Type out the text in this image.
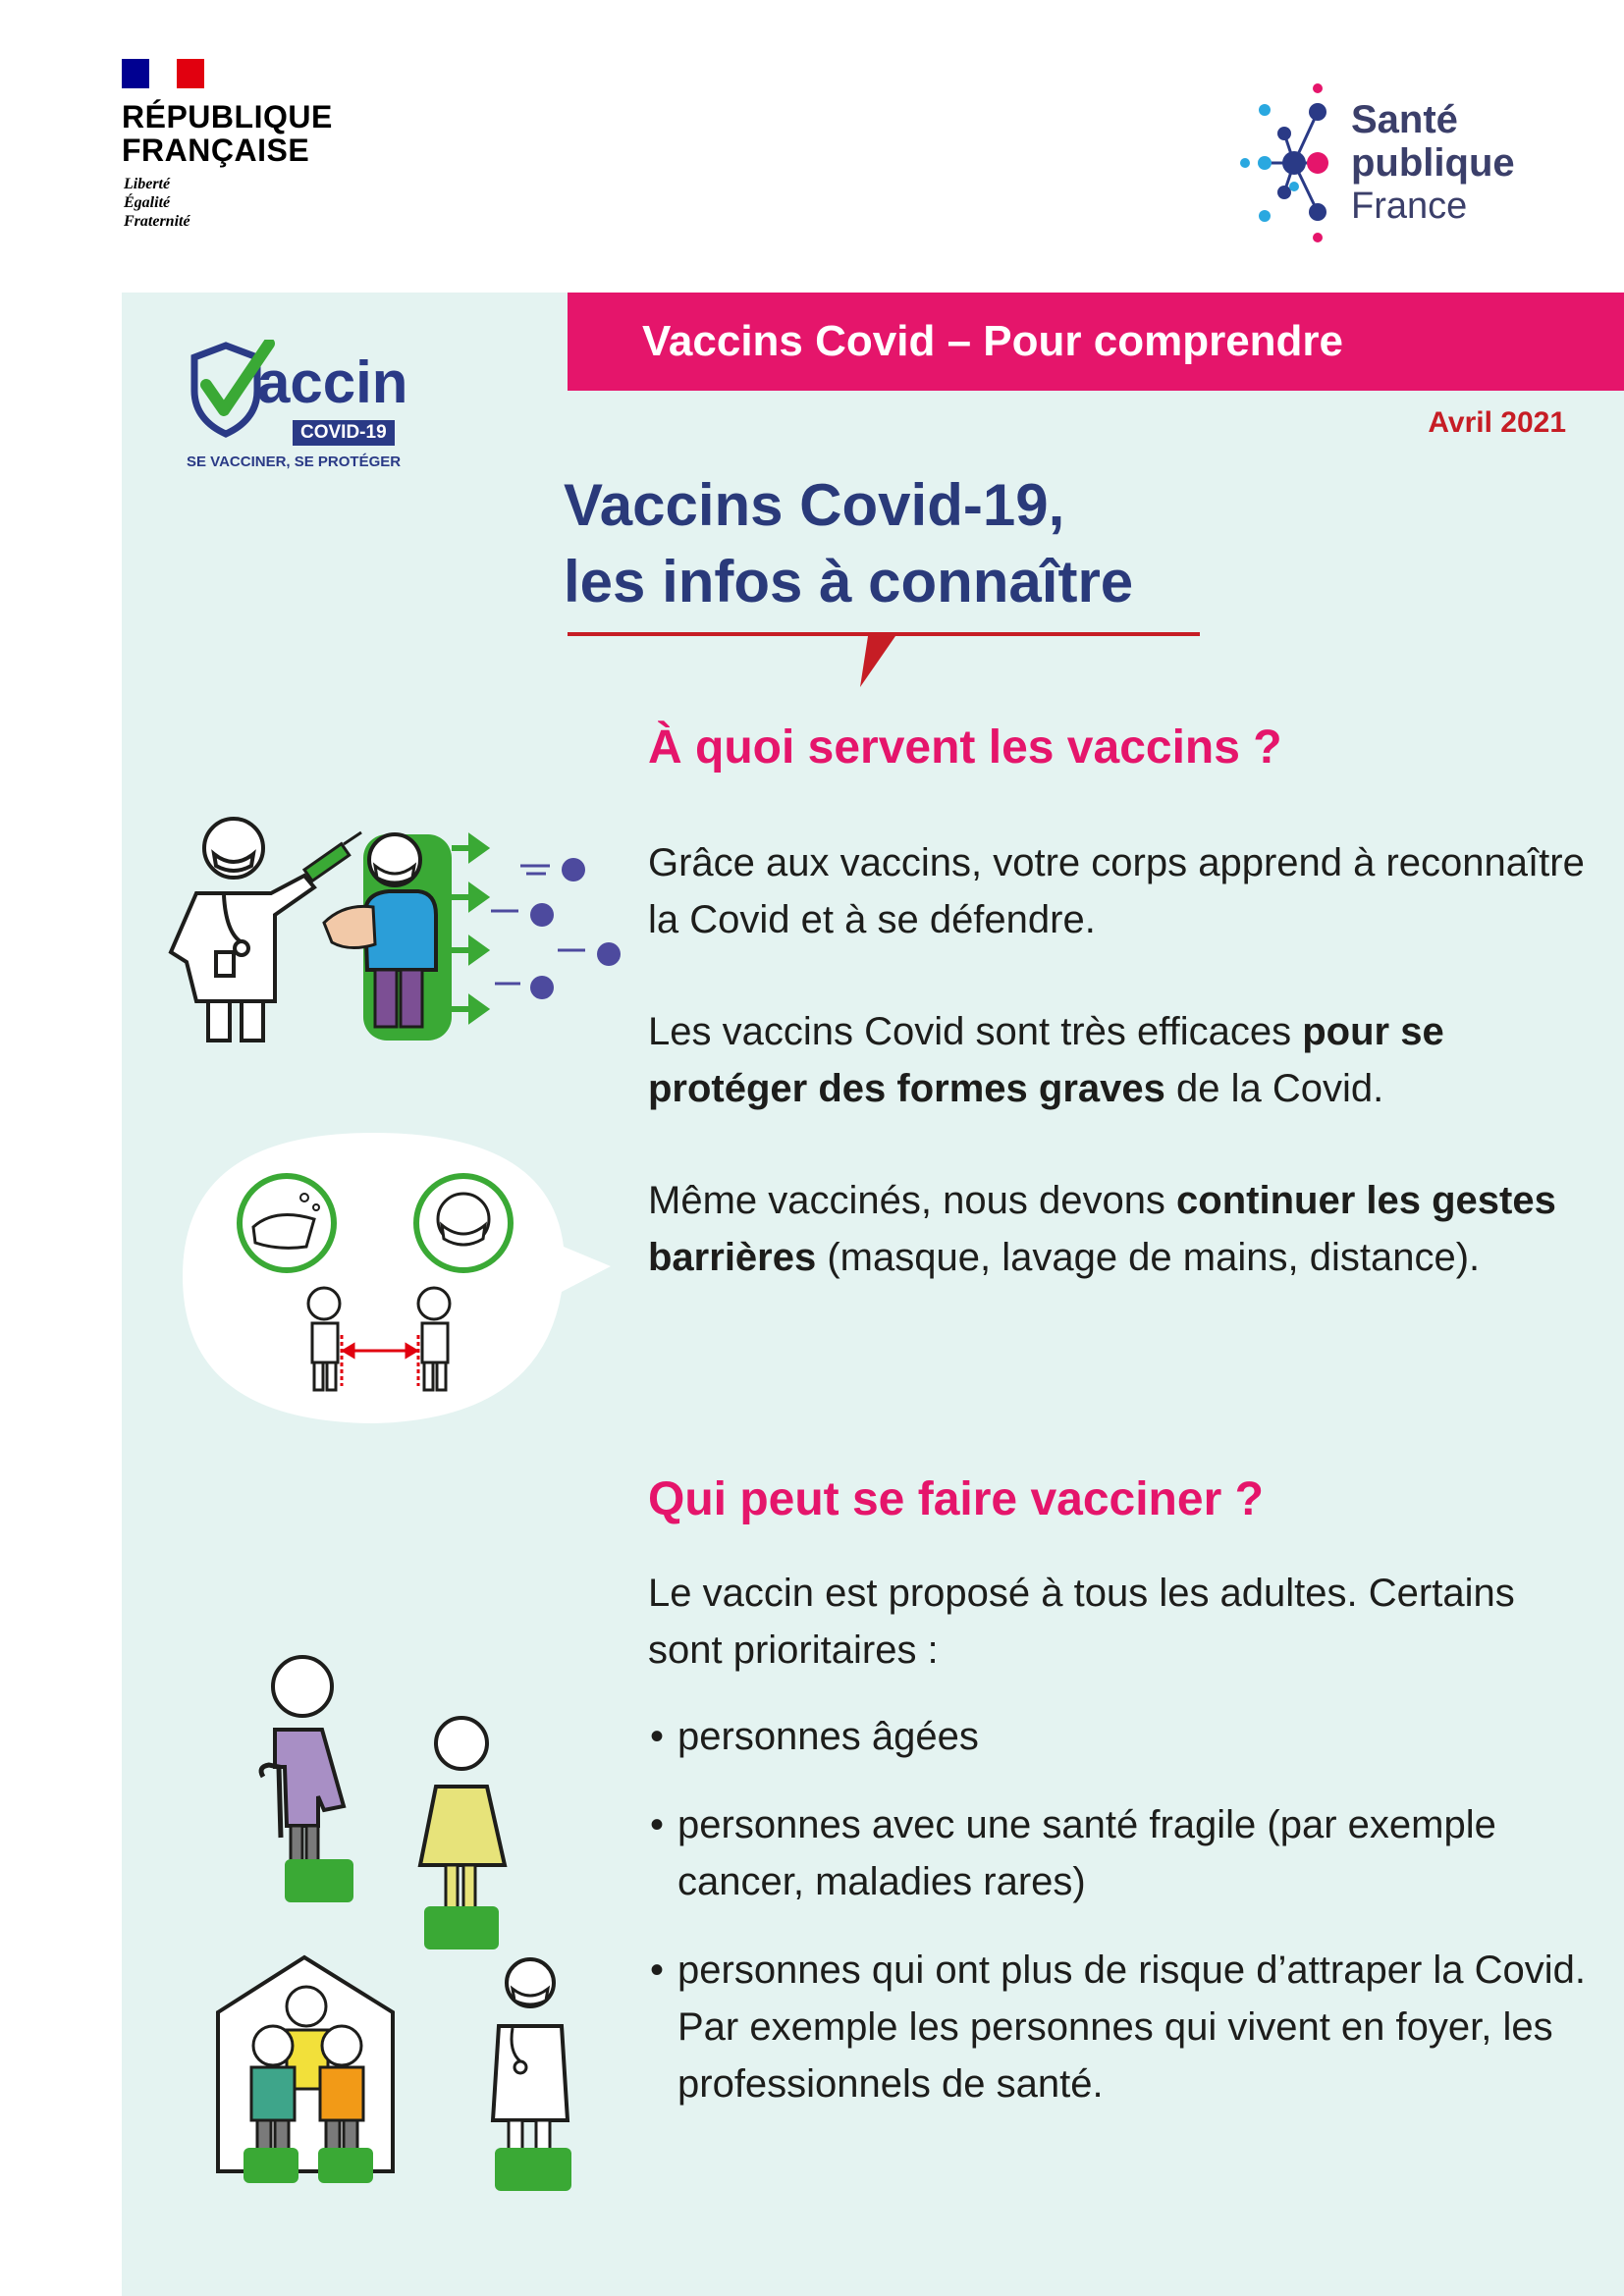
RÉPUBLIQUE
FRANÇAISE
Liberté
Égalité
Fraternité
Santé
publique
France
Vaccins Covid – Pour comprendre
Avril 2021
accin
COVID-19
SE VACCINER, SE PROTÉGER
Vaccins Covid-19,
les infos à connaître
À quoi servent les vaccins ?

Grâce aux vaccins, votre corps apprend à reconnaître la Covid et à se défendre.

Les vaccins Covid sont très efficaces pour se protéger des formes graves de la Covid.

Même vaccinés, nous devons continuer les gestes barrières (masque, lavage de mains, distance).

Qui peut se faire vacciner ?

Le vaccin est proposé à tous les adultes. Certains sont prioritaires :

• personnes âgées
• personnes avec une santé fragile (par exemple cancer, maladies rares)
• personnes qui ont plus de risque d’attraper la Covid. Par exemple les personnes qui vivent en foyer, les professionnels de santé.
